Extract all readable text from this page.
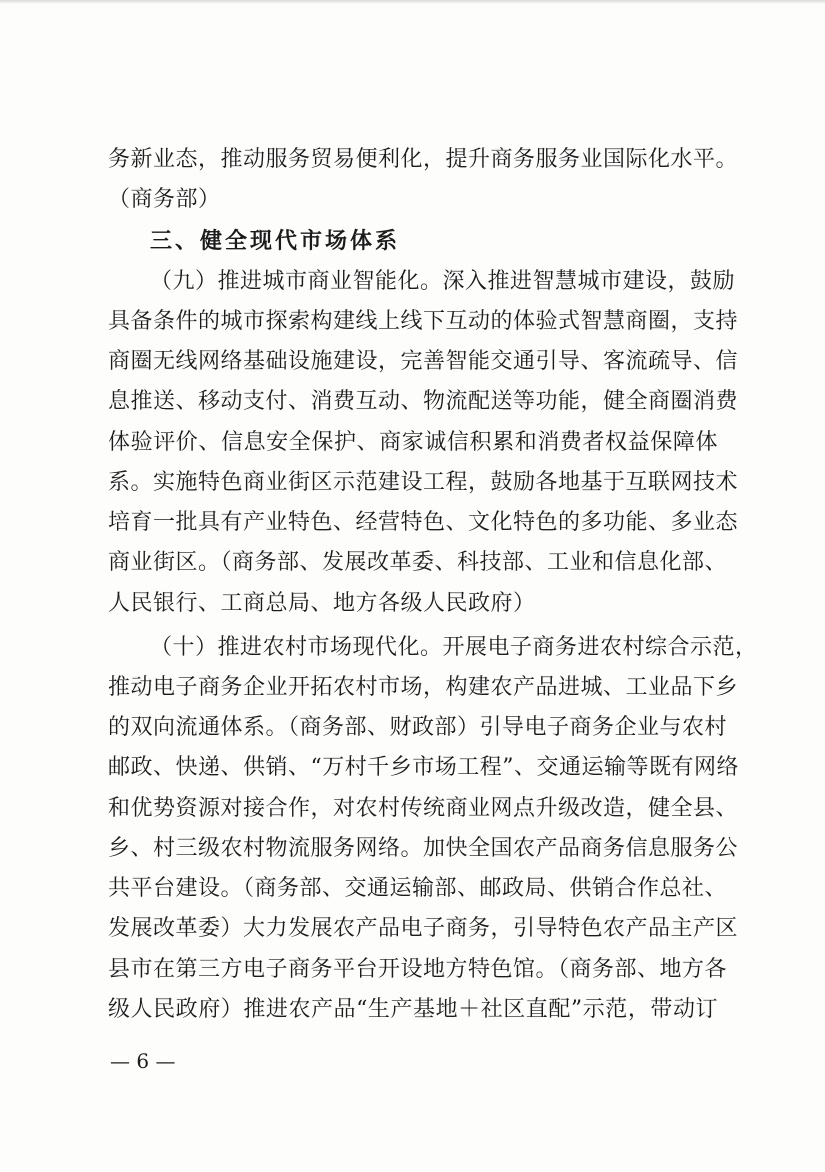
务新业态，推动服务贸易便利化，提升商务服务业国际化水平。
（商务部）
三、健全现代市场体系
（九）推进城市商业智能化。深入推进智慧城市建设，鼓励
具备条件的城市探索构建线上线下互动的体验式智慧商圈，支持
商圈无线网络基础设施建设，完善智能交通引导、客流疏导、信
息推送、移动支付、消费互动、物流配送等功能，健全商圈消费
体验评价、信息安全保护、商家诚信积累和消费者权益保障体
系。实施特色商业街区示范建设工程，鼓励各地基于互联网技术
培育一批具有产业特色、经营特色、文化特色的多功能、多业态
商业街区。（商务部、发展改革委、科技部、工业和信息化部、
人民银行、工商总局、地方各级人民政府）
（十）推进农村市场现代化。开展电子商务进农村综合示范，
推动电子商务企业开拓农村市场，构建农产品进城、工业品下乡
的双向流通体系。（商务部、财政部）引导电子商务企业与农村
邮政、快递、供销、“万村千乡市场工程”、交通运输等既有网络
和优势资源对接合作，对农村传统商业网点升级改造，健全县、
乡、村三级农村物流服务网络。加快全国农产品商务信息服务公
共平台建设。（商务部、交通运输部、邮政局、供销合作总社、
发展改革委）大力发展农产品电子商务，引导特色农产品主产区
县市在第三方电子商务平台开设地方特色馆。（商务部、地方各
级人民政府）推进农产品“生产基地＋社区直配”示范，带动订
— 6 —
